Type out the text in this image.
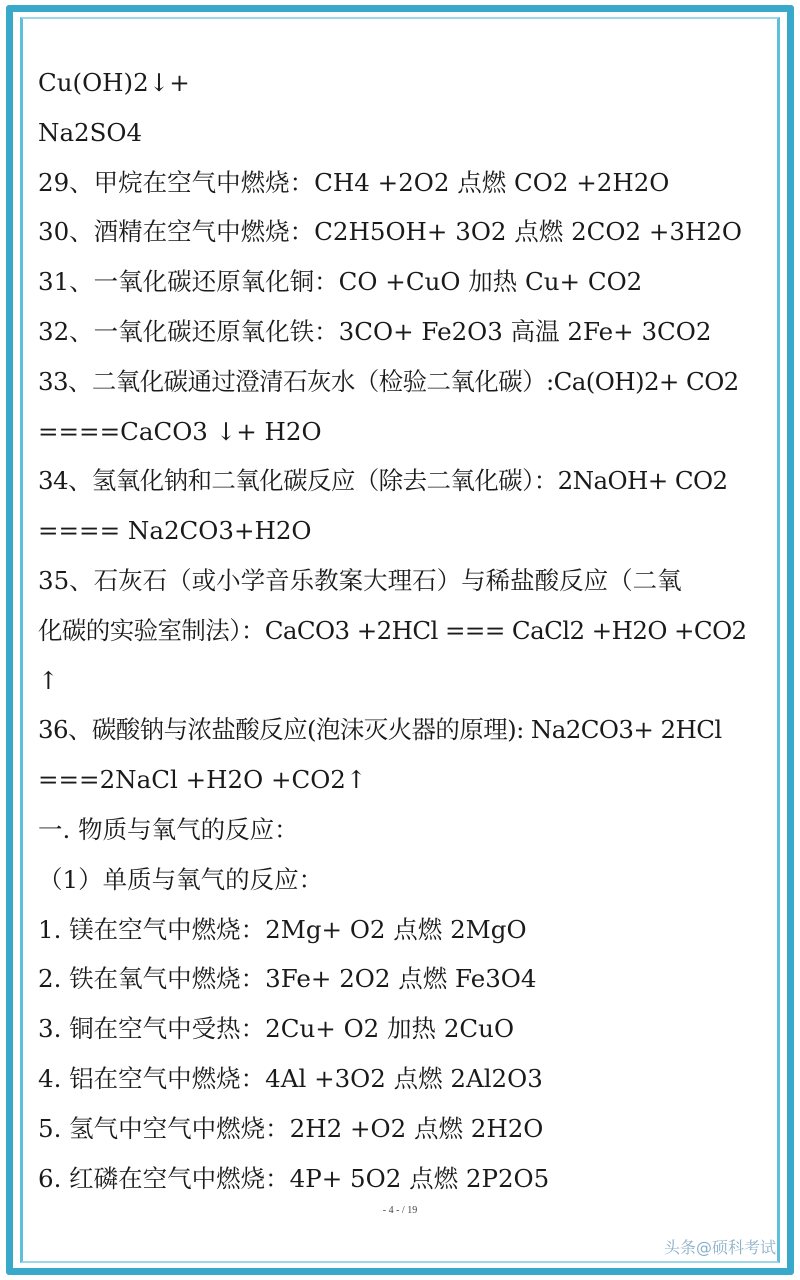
Cu(OH)2↓+
Na2SO4
29、甲烷在空气中燃烧：CH4 +2O2 点燃 CO2 +2H2O
30、酒精在空气中燃烧：C2H5OH+ 3O2 点燃 2CO2 +3H2O
31、一氧化碳还原氧化铜：CO +CuO 加热 Cu+ CO2
32、一氧化碳还原氧化铁：3CO+ Fe2O3 高温 2Fe+ 3CO2
33、二氧化碳通过澄清石灰水（检验二氧化碳）:Ca(OH)2+ CO2
====CaCO3 ↓+ H2O
34、氢氧化钠和二氧化碳反应（除去二氧化碳）：2NaOH+ CO2
==== Na2CO3+H2O
35、石灰石（或小学音乐教案大理石）与稀盐酸反应（二氧
化碳的实验室制法）：CaCO3 +2HCl === CaCl2 +H2O +CO2
↑
36、碳酸钠与浓盐酸反应(泡沫灭火器的原理): Na2CO3+ 2HCl
===2NaCl +H2O +CO2↑
一. 物质与氧气的反应：
（1）单质与氧气的反应：
1. 镁在空气中燃烧：2Mg+ O2 点燃 2MgO
2. 铁在氧气中燃烧：3Fe+ 2O2 点燃 Fe3O4
3. 铜在空气中受热：2Cu+ O2 加热 2CuO
4. 铝在空气中燃烧：4Al +3O2 点燃 2Al2O3
5. 氢气中空气中燃烧：2H2 +O2 点燃 2H2O
6. 红磷在空气中燃烧：4P+ 5O2 点燃 2P2O5
- 4 - / 19
头条@硕科考试
